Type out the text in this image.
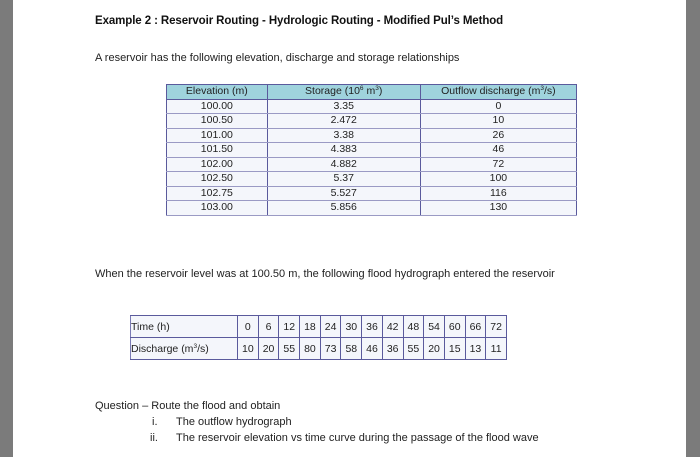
Example 2 : Reservoir Routing - Hydrologic Routing - Modified Pul’s Method
A reservoir has the following elevation, discharge and storage relationships
Elevation (m)	Storage ($10^6$ $m^3$)	Outflow discharge $(m^3/s)$
100.00	3.35	0
100.50	2.472	10
101.00	3.38	26
101.50	4.383	46
102.00	4.882	72
102.50	5.37	100
102.75	5.527	116
103.00	5.856	130
When the reservoir level was at 100.50 m, the following flood hydrograph entered the reservoir
Time (h)	0	6	12	18	24	30	36	42	48	54	60	66	72
Discharge $(m^3/s)$	10	20	55	80	73	58	46	36	55	20	15	13	11
Question – Route the flood and obtain
i. The outflow hydrograph
ii. The reservoir elevation vs time curve during the passage of the flood wave
